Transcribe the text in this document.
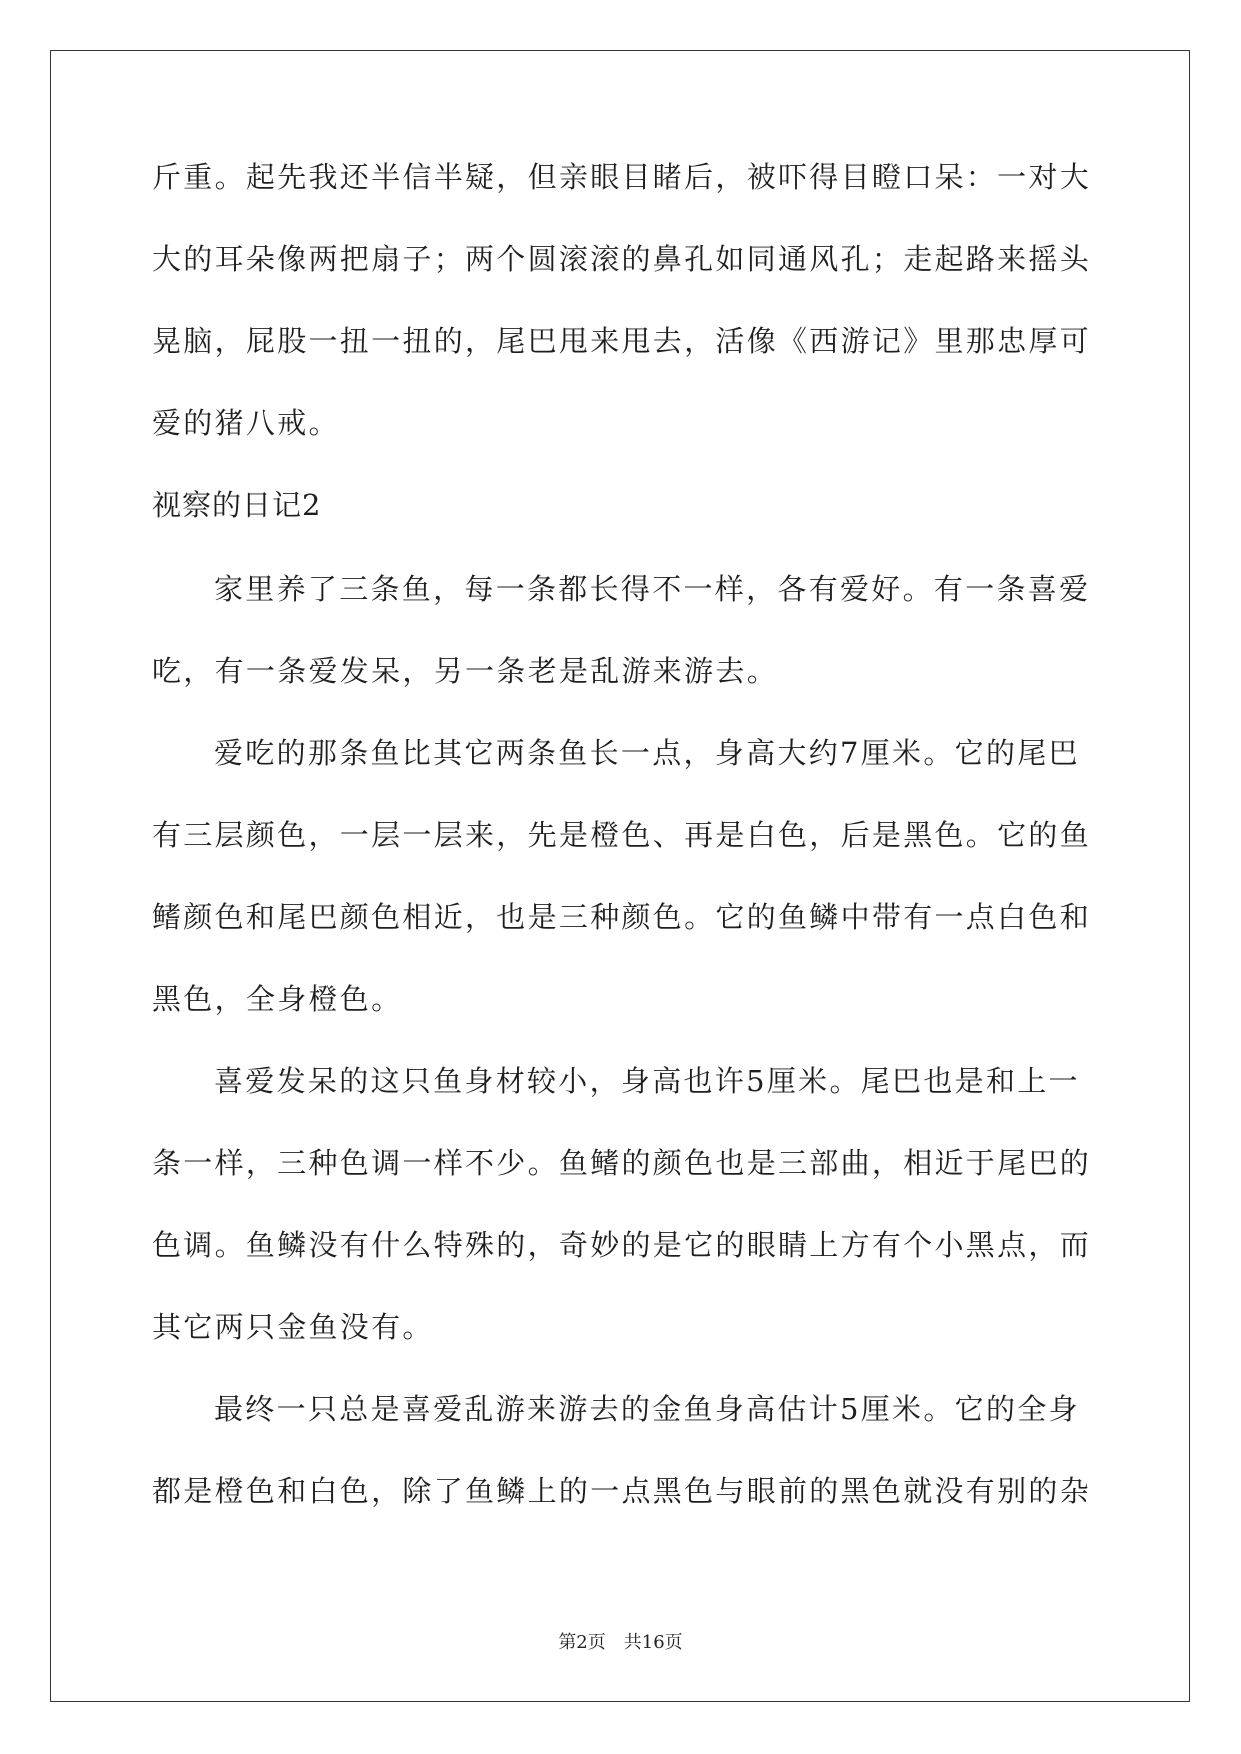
斤重。起先我还半信半疑，但亲眼目睹后，被吓得目瞪口呆：一对大
大的耳朵像两把扇子；两个圆滚滚的鼻孔如同通风孔；走起路来摇头
晃脑，屁股一扭一扭的，尾巴甩来甩去，活像《西游记》里那忠厚可
爱的猪八戒。
视察的日记2
家里养了三条鱼，每一条都长得不一样，各有爱好。有一条喜爱
吃，有一条爱发呆，另一条老是乱游来游去。
爱吃的那条鱼比其它两条鱼长一点，身高大约7厘米。它的尾巴
有三层颜色，一层一层来，先是橙色、再是白色，后是黑色。它的鱼
鳍颜色和尾巴颜色相近，也是三种颜色。它的鱼鳞中带有一点白色和
黑色，全身橙色。
喜爱发呆的这只鱼身材较小，身高也许5厘米。尾巴也是和上一
条一样，三种色调一样不少。鱼鳍的颜色也是三部曲，相近于尾巴的
色调。鱼鳞没有什么特殊的，奇妙的是它的眼睛上方有个小黑点，而
其它两只金鱼没有。
最终一只总是喜爱乱游来游去的金鱼身高估计5厘米。它的全身
都是橙色和白色，除了鱼鳞上的一点黑色与眼前的黑色就没有别的杂
第2页 共16页
